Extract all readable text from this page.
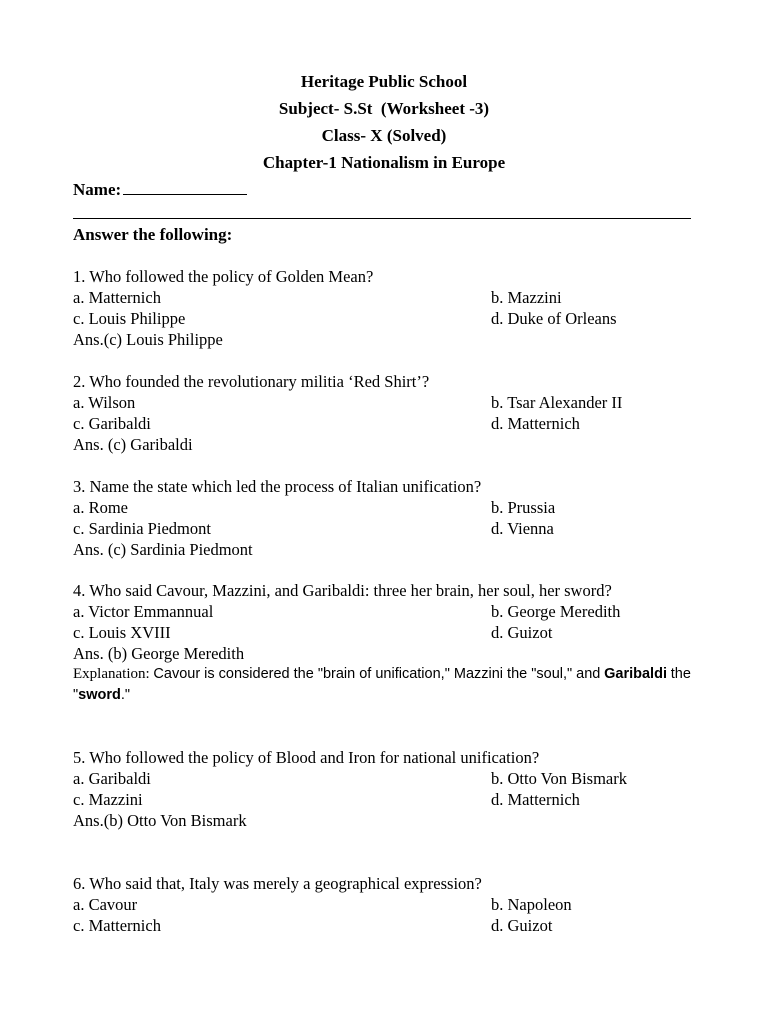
Heritage Public School
Subject- S.St  (Worksheet -3)
Class- X (Solved)
Chapter-1 Nationalism in Europe
Name:
Answer the following:
1. Who followed the policy of Golden Mean?
a. Matternich	b. Mazzini
c. Louis Philippe	d. Duke of Orleans
Ans.(c) Louis Philippe
2. Who founded the revolutionary militia ‘Red Shirt’?
a. Wilson	b. Tsar Alexander II
c. Garibaldi	d. Matternich
Ans. (c) Garibaldi
3. Name the state which led the process of Italian unification?
a. Rome	b. Prussia
c. Sardinia Piedmont	d. Vienna
Ans. (c) Sardinia Piedmont
4. Who said Cavour, Mazzini, and Garibaldi: three her brain, her soul, her sword?
a. Victor Emmannual	b. George Meredith
c. Louis XVIII	d. Guizot
Ans. (b) George Meredith
Explanation: Cavour is considered the "brain of unification," Mazzini the "soul," and Garibaldi the "sword."
5. Who followed the policy of Blood and Iron for national unification?
a. Garibaldi	b. Otto Von Bismark
c. Mazzini	d. Matternich
Ans.(b) Otto Von Bismark
6. Who said that, Italy was merely a geographical expression?
a. Cavour	b. Napoleon
c. Matternich	d. Guizot
